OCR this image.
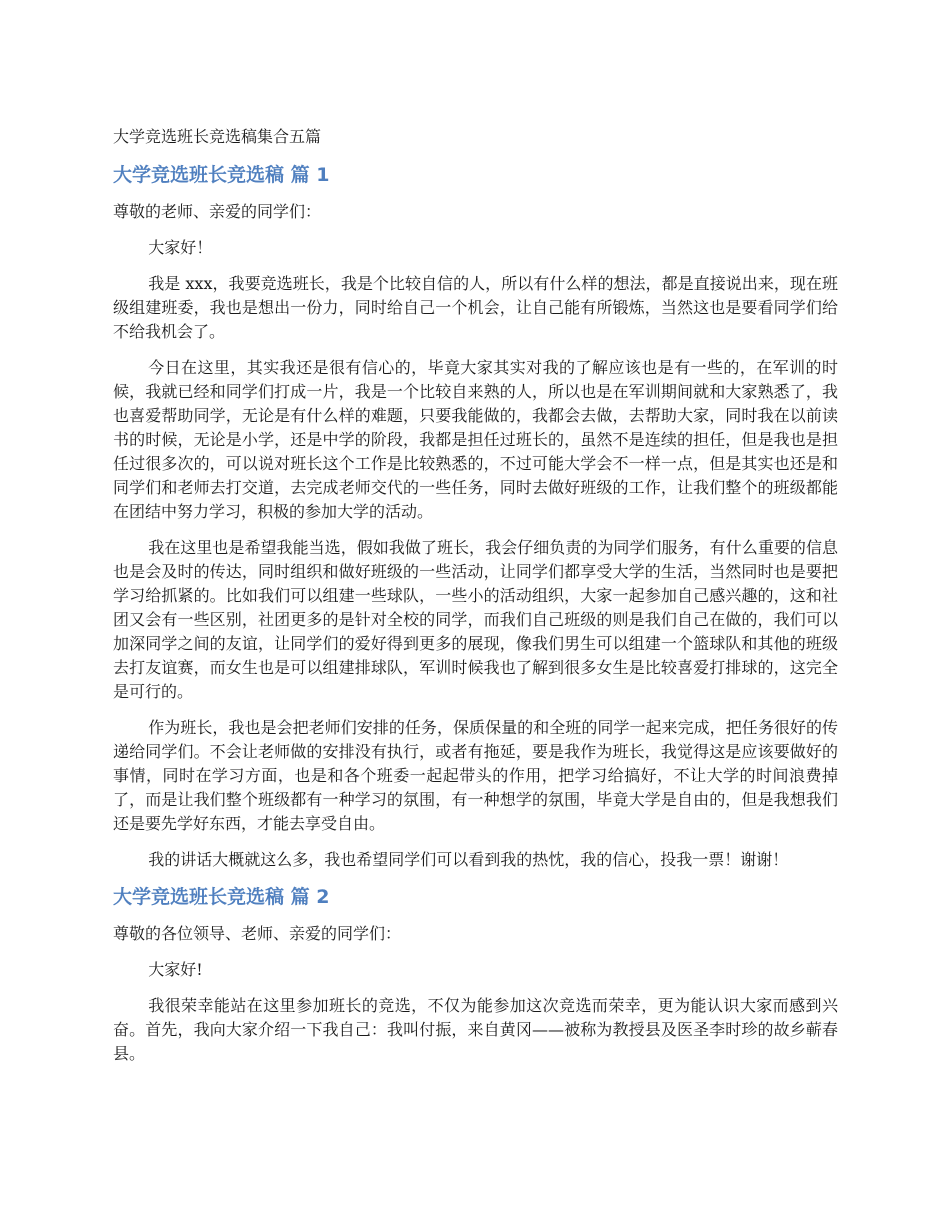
大学竞选班长竞选稿集合五篇
大学竞选班长竞选稿 篇 1
尊敬的老师、亲爱的同学们：

大家好！

我是 xxx，我要竞选班长，我是个比较自信的人，所以有什么样的想法，都是直接说出来，现在班级组建班委，我也是想出一份力，同时给自己一个机会，让自己能有所锻炼，当然这也是要看同学们给不给我机会了。

今日在这里，其实我还是很有信心的，毕竟大家其实对我的了解应该也是有一些的，在军训的时候，我就已经和同学们打成一片，我是一个比较自来熟的人，所以也是在军训期间就和大家熟悉了，我也喜爱帮助同学，无论是有什么样的难题，只要我能做的，我都会去做，去帮助大家，同时我在以前读书的时候，无论是小学，还是中学的阶段，我都是担任过班长的，虽然不是连续的担任，但是我也是担任过很多次的，可以说对班长这个工作是比较熟悉的，不过可能大学会不一样一点，但是其实也还是和同学们和老师去打交道，去完成老师交代的一些任务，同时去做好班级的工作，让我们整个的班级都能在团结中努力学习，积极的参加大学的活动。

我在这里也是希望我能当选，假如我做了班长，我会仔细负责的为同学们服务，有什么重要的信息也是会及时的传达，同时组织和做好班级的一些活动，让同学们都享受大学的生活，当然同时也是要把学习给抓紧的。比如我们可以组建一些球队，一些小的活动组织，大家一起参加自己感兴趣的，这和社团又会有一些区别，社团更多的是针对全校的同学，而我们自己班级的则是我们自己在做的，我们可以加深同学之间的友谊，让同学们的爱好得到更多的展现，像我们男生可以组建一个篮球队和其他的班级去打友谊赛，而女生也是可以组建排球队，军训时候我也了解到很多女生是比较喜爱打排球的，这完全是可行的。

作为班长，我也是会把老师们安排的任务，保质保量的和全班的同学一起来完成，把任务很好的传递给同学们。不会让老师做的安排没有执行，或者有拖延，要是我作为班长，我觉得这是应该要做好的事情，同时在学习方面，也是和各个班委一起起带头的作用，把学习给搞好，不让大学的时间浪费掉了，而是让我们整个班级都有一种学习的氛围，有一种想学的氛围，毕竟大学是自由的，但是我想我们还是要先学好东西，才能去享受自由。

我的讲话大概就这么多，我也希望同学们可以看到我的热忱，我的信心，投我一票！谢谢！

大学竞选班长竞选稿 篇 2
尊敬的各位领导、老师、亲爱的同学们：

大家好!

我很荣幸能站在这里参加班长的竞选，不仅为能参加这次竞选而荣幸，更为能认识大家而感到兴奋。首先，我向大家介绍一下我自己：我叫付振，来自黄冈——被称为教授县及医圣李时珍的故乡蕲春县。
